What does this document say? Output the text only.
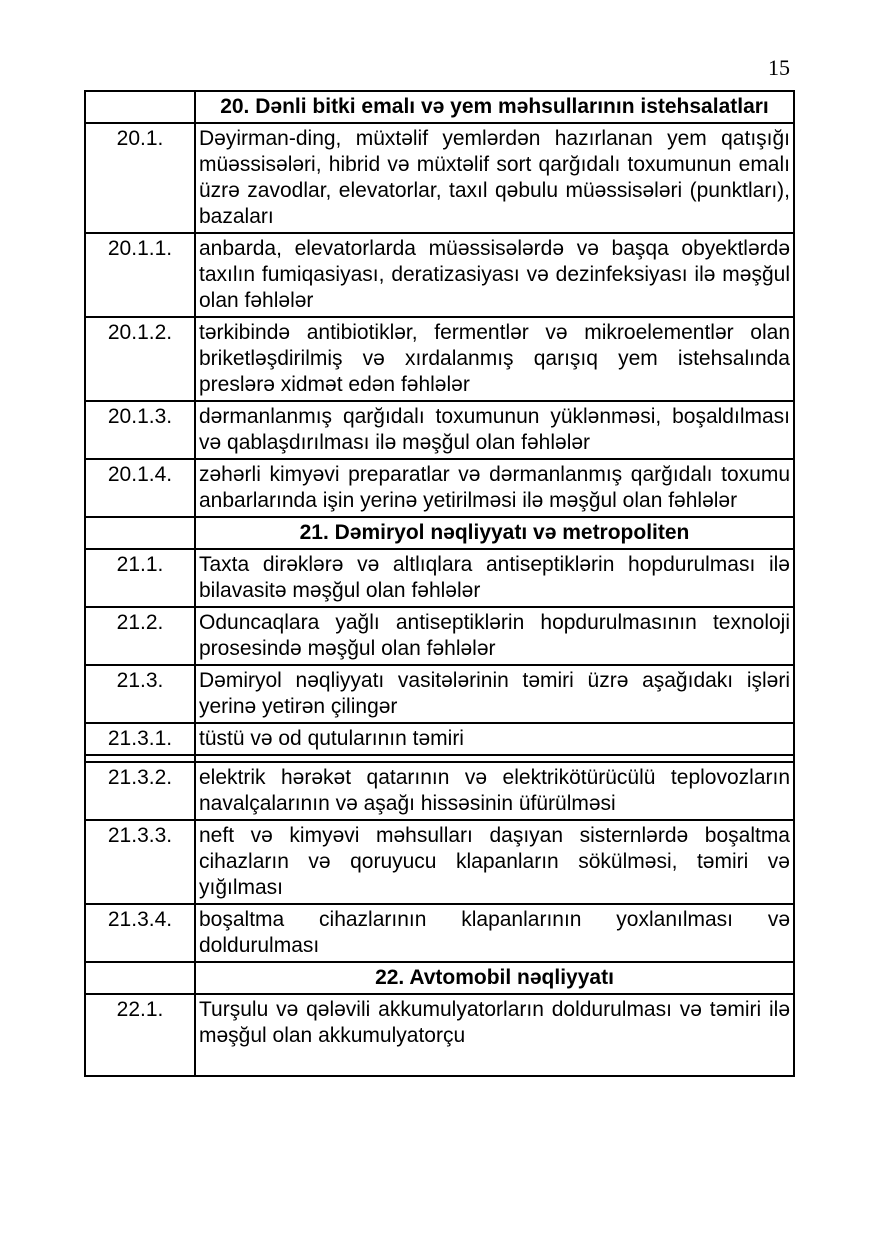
15
	20. Dənli bitki emalı və yem məhsullarının istehsalatları
20.1.	Dəyirman-ding, müxtəlif yemlərdən hazırlanan yem qatışığı müəssisələri, hibrid və müxtəlif sort qarğıdalı toxumunun emalı üzrə zavodlar, elevatorlar, taxıl qəbulu müəssisələri (punktları), bazaları
20.1.1.	anbarda, elevatorlarda müəssisələrdə və başqa obyektlərdə taxılın fumiqasiyası, deratizasiyası və dezinfeksiyası ilə məşğul olan fəhlələr
20.1.2.	tərkibində antibiotiklər, fermentlər və mikroelementlər olan briketləşdirilmiş və xırdalanmış qarışıq yem istehsalında preslərə xidmət edən fəhlələr
20.1.3.	dərmanlanmış qarğıdalı toxumunun yüklənməsi, boşaldılması və qablaşdırılması ilə məşğul olan fəhlələr
20.1.4.	zəhərli kimyəvi preparatlar və dərmanlanmış qarğıdalı toxumu anbarlarında işin yerinə yetirilməsi ilə məşğul olan fəhlələr
	21. Dəmiryol nəqliyyatı və metropoliten
21.1.	Taxta dirəklərə və altlıqlara antiseptiklərin hopdurulması ilə bilavasitə məşğul olan fəhlələr
21.2.	Oduncaqlara yağlı antiseptiklərin hopdurulmasının texnoloji prosesində məşğul olan fəhlələr
21.3.	Dəmiryol nəqliyyatı vasitələrinin təmiri üzrə aşağıdakı işləri yerinə yetirən çilingər
21.3.1.	tüstü və od qutularının təmiri

21.3.2.	elektrik hərəkət qatarının və elektrikötürücülü teplovozların navalçalarının və aşağı hissəsinin üfürülməsi
21.3.3.	neft və kimyəvi məhsulları daşıyan sisternlərdə boşaltma cihazların və qoruyucu klapanların sökülməsi, təmiri və yığılması
21.3.4.	boşaltma cihazlarının klapanlarının yoxlanılması və doldurulması
	22. Avtomobil nəqliyyatı
22.1.	Turşulu və qələvili akkumulyatorların doldurulması və təmiri ilə məşğul olan akkumulyatorçu
